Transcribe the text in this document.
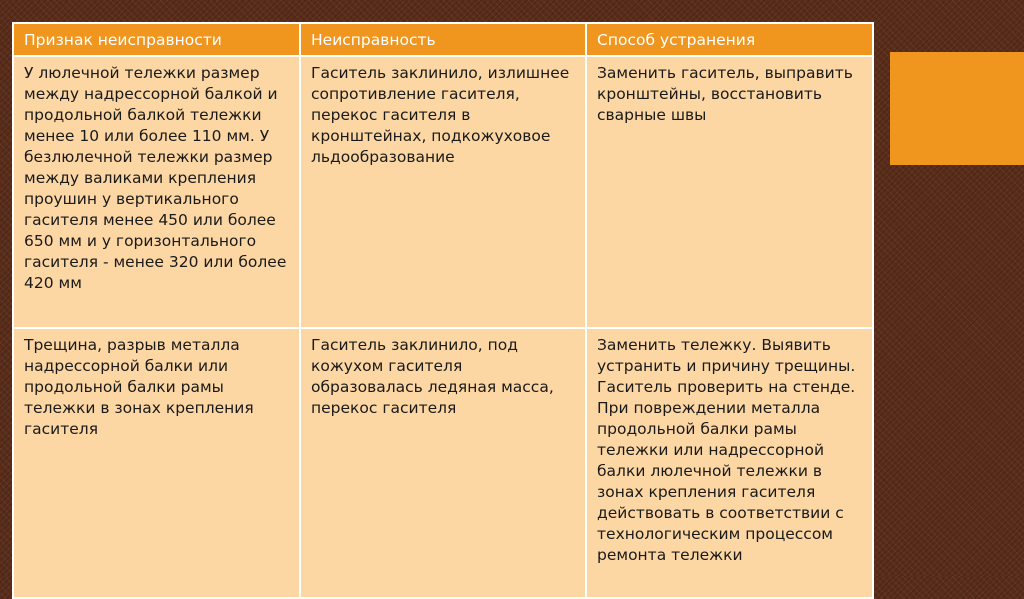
Признак неисправности	Неисправность	Способ устранения
У люлечной тележки размер между надрессорной балкой и продольной балкой тележки менее 10 или более 110 мм. У безлюлечной тележки размер между валиками крепления проушин у вертикального гасителя менее 450 или более 650 мм и у горизонтального гасителя - менее 320 или более 420 мм	Гаситель заклинило, излишнее сопротивление гасителя, перекос гасителя в кронштейнах, подкожуховое льдообразование	Заменить гаситель, выправить кронштейны, восстановить сварные швы
Трещина, разрыв металла надрессорной балки или продольной балки рамы тележки в зонах крепления гасителя	Гаситель заклинило, под кожухом гасителя образовалась ледяная масса, перекос гасителя	Заменить тележку. Выявить устранить и причину трещины. Гаситель проверить на стенде. При повреждении металла продольной балки рамы тележки или надрессорной балки люлечной тележки в зонах крепления гасителя действовать в соответствии с технологическим процессом ремонта тележки
